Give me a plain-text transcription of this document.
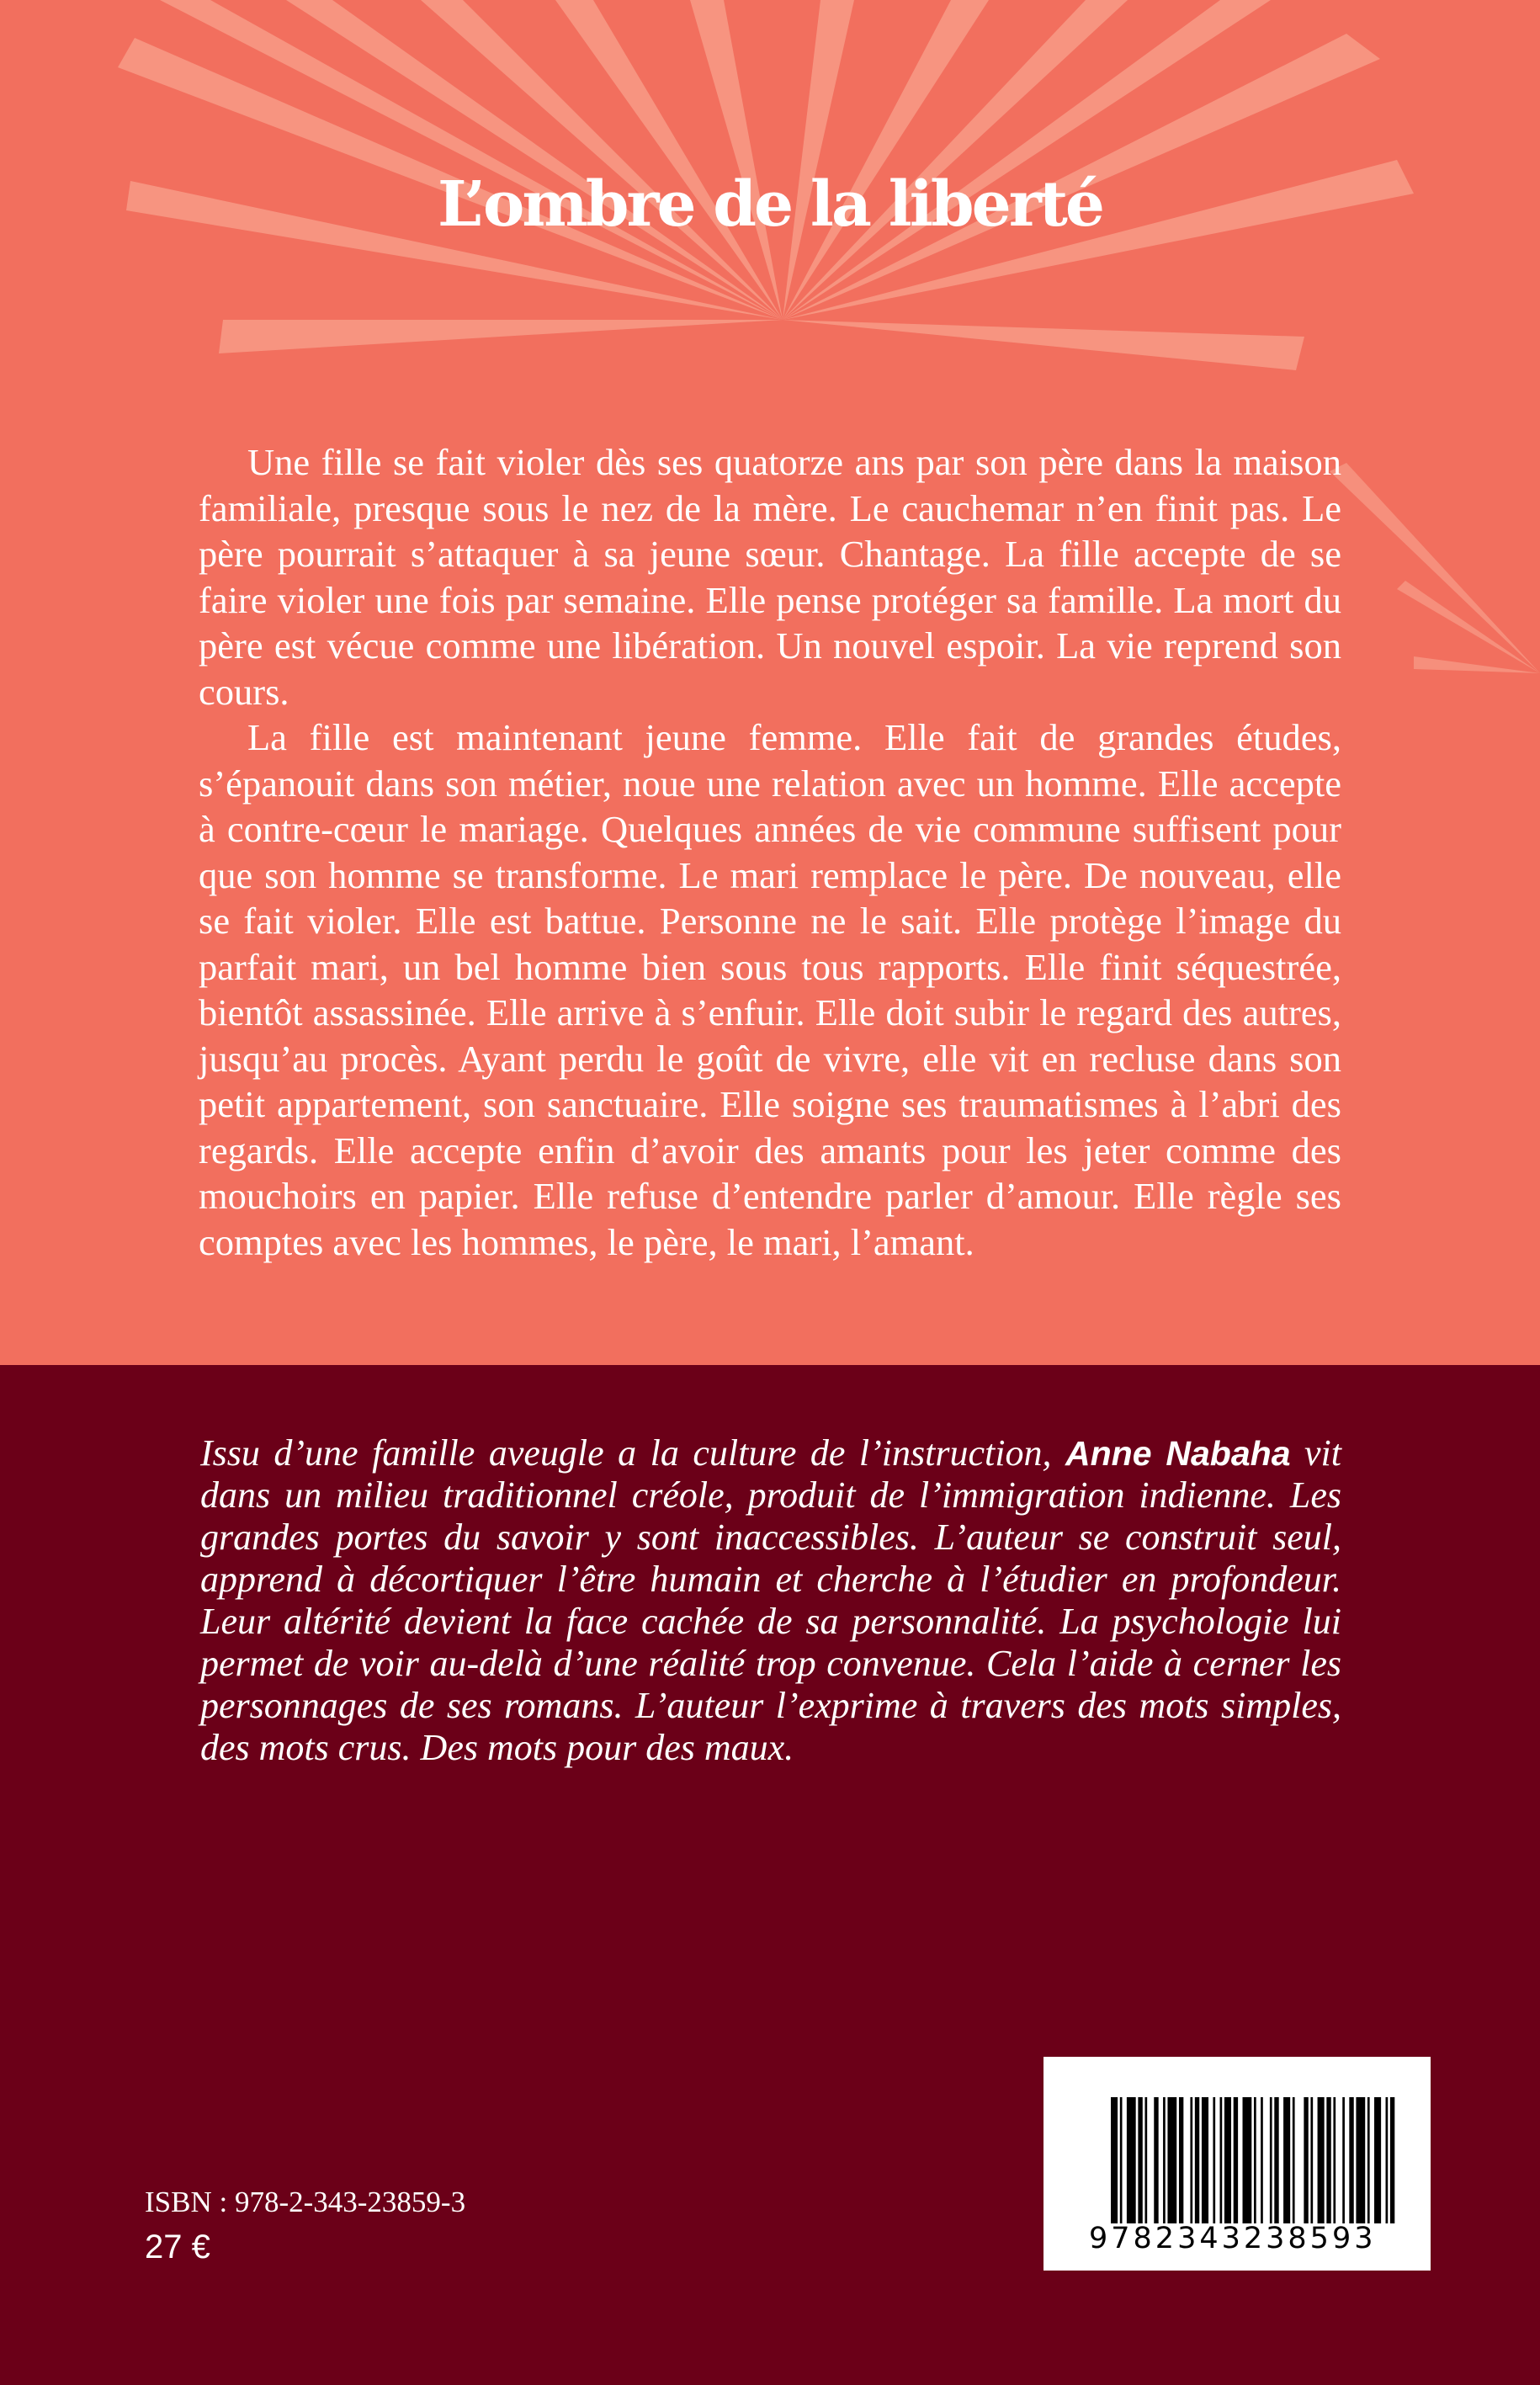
L’ombre de la liberté

Une fille se fait violer dès ses quatorze ans par son père dans la maison familiale, presque sous le nez de la mère. Le cauchemar n’en finit pas. Le père pourrait s’attaquer à sa jeune sœur. Chantage. La fille accepte de se faire violer une fois par semaine. Elle pense protéger sa famille. La mort du père est vécue comme une libération. Un nouvel espoir. La vie reprend son cours.

La fille est maintenant jeune femme. Elle fait de grandes études, s’épanouit dans son métier, noue une relation avec un homme. Elle accepte à contre-cœur le mariage. Quelques années de vie commune suffisent pour que son homme se transforme. Le mari remplace le père. De nouveau, elle se fait violer. Elle est battue. Personne ne le sait. Elle protège l’image du parfait mari, un bel homme bien sous tous rapports. Elle finit séquestrée, bientôt assassinée. Elle arrive à s’enfuir. Elle doit subir le regard des autres, jusqu’au procès. Ayant perdu le goût de vivre, elle vit en recluse dans son petit appartement, son sanctuaire. Elle soigne ses traumatismes à l’abri des regards. Elle accepte enfin d’avoir des amants pour les jeter comme des mouchoirs en papier. Elle refuse d’entendre parler d’amour. Elle règle ses comptes avec les hommes, le père, le mari, l’amant.

Issu d’une famille aveugle a la culture de l’instruction, Anne Nabaha vit dans un milieu traditionnel créole, produit de l’immigration indienne. Les grandes portes du savoir y sont inaccessibles. L’auteur se construit seul, apprend à décortiquer l’être humain et cherche à l’étudier en profondeur. Leur altérité devient la face cachée de sa personnalité. La psychologie lui permet de voir au-delà d’une réalité trop convenue. Cela l’aide à cerner les personnages de ses romans. L’auteur l’exprime à travers des mots simples, des mots crus. Des mots pour des maux.

9782343238593
ISBN : 978-2-343-23859-3
27 €
